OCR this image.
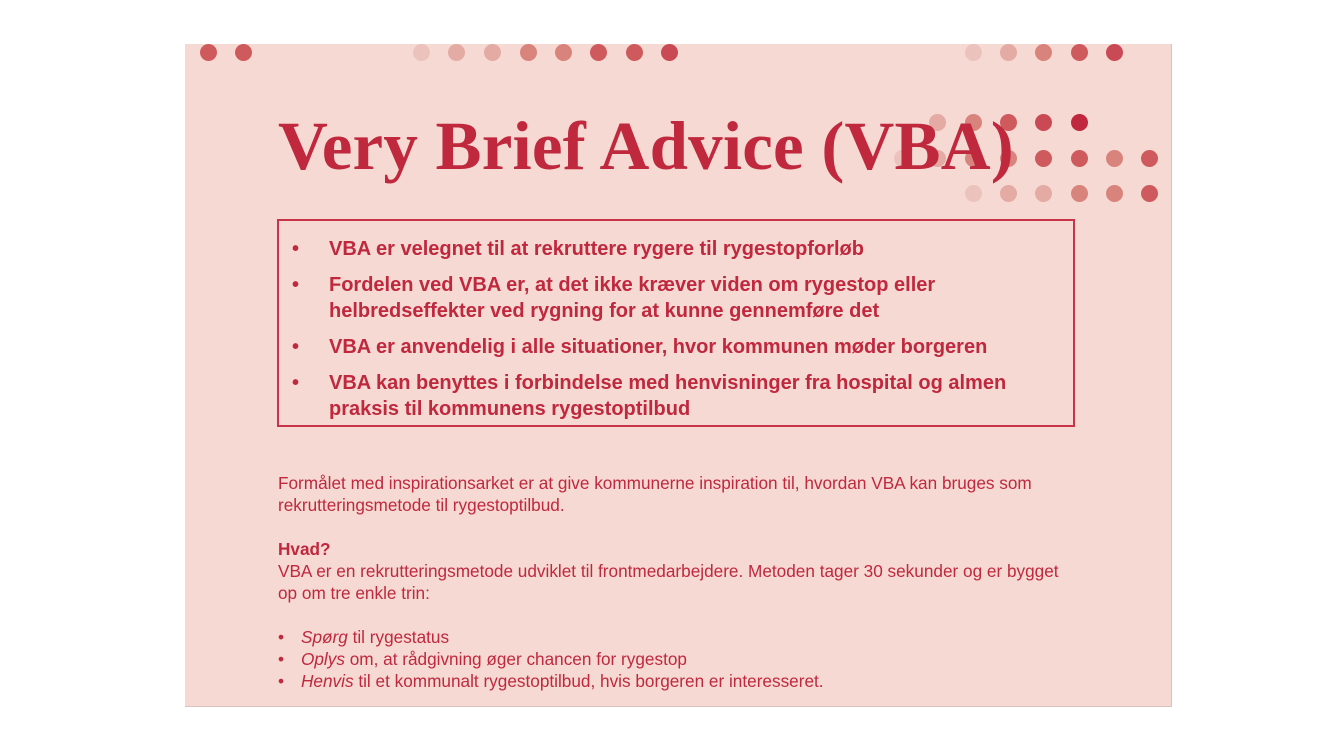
Very Brief Advice (VBA)
• VBA er velegnet til at rekruttere rygere til rygestopforløb
• Fordelen ved VBA er, at det ikke kræver viden om rygestop eller helbredseffekter ved rygning for at kunne gennemføre det
• VBA er anvendelig i alle situationer, hvor kommunen møder borgeren
• VBA kan benyttes i forbindelse med henvisninger fra hospital og almen praksis til kommunens rygestoptilbud

Formålet med inspirationsarket er at give kommunerne inspiration til, hvordan VBA kan bruges som rekrutteringsmetode til rygestoptilbud.

Hvad?

VBA er en rekrutteringsmetode udviklet til frontmedarbejdere. Metoden tager 30 sekunder og er bygget op om tre enkle trin:

• Spørg til rygestatus
• Oplys om, at rådgivning øger chancen for rygestop
• Henvis til et kommunalt rygestoptilbud, hvis borgeren er interesseret.
